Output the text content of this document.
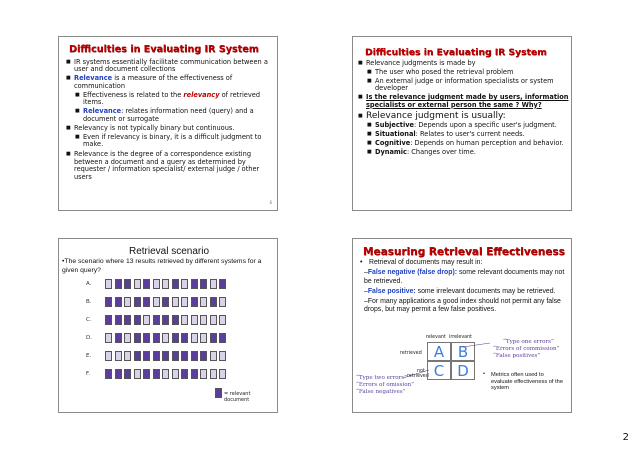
Difficulties in Evaluating IR System
■ IR systems essentially facilitate communication between a user and document collections
■ Relevance is a measure of the effectiveness of communication
■ Effectiveness is related to the relevancy of retrieved items.
■ Relevance: relates information need (query) and a document or surrogate
■ Relevancy is not typically binary but continuous.
■ Even if relevancy is binary, it is a difficult judgment to make.
■ Relevance is the degree of a correspondence existing between a document and a query as determined by requester / information specialist/ external judge / other users
6
Difficulties in Evaluating IR System
■ Relevance judgments is made by
■ The user who posed the retrieval problem
■ An external judge or information specialists or system developer
■ Is the relevance judgment made by users, information specialists or external person the same ? Why?
■ Relevance judgment is usually:
■ Subjective: Depends upon a specific user's judgment.
■ Situational: Relates to user's current needs.
■ Cognitive: Depends on human perception and behavior.
■ Dynamic: Changes over time.
Retrieval scenario
•The scenario where 13 results retrieved by different systems for a given query?
= relevant document
A.
B.
C.
D.
E.
F.
Measuring Retrieval Effectiveness
• Retrieval of documents may result in:
–False negative (false drop): some relevant documents may not be retrieved.
–False positive: some irrelevant documents may be retrieved.
–For many applications a good index should not permit any false drops, but may permit a few false positives.
relevant irrelevant
retrieved
not
retrieved
A B
C D
“Type one errors”
“Errors of commission”
“False positives”
“Type two errors”
“Errors of omission”
“False negatives”
• Metrics often used to evaluate effectiveness of the system
2
